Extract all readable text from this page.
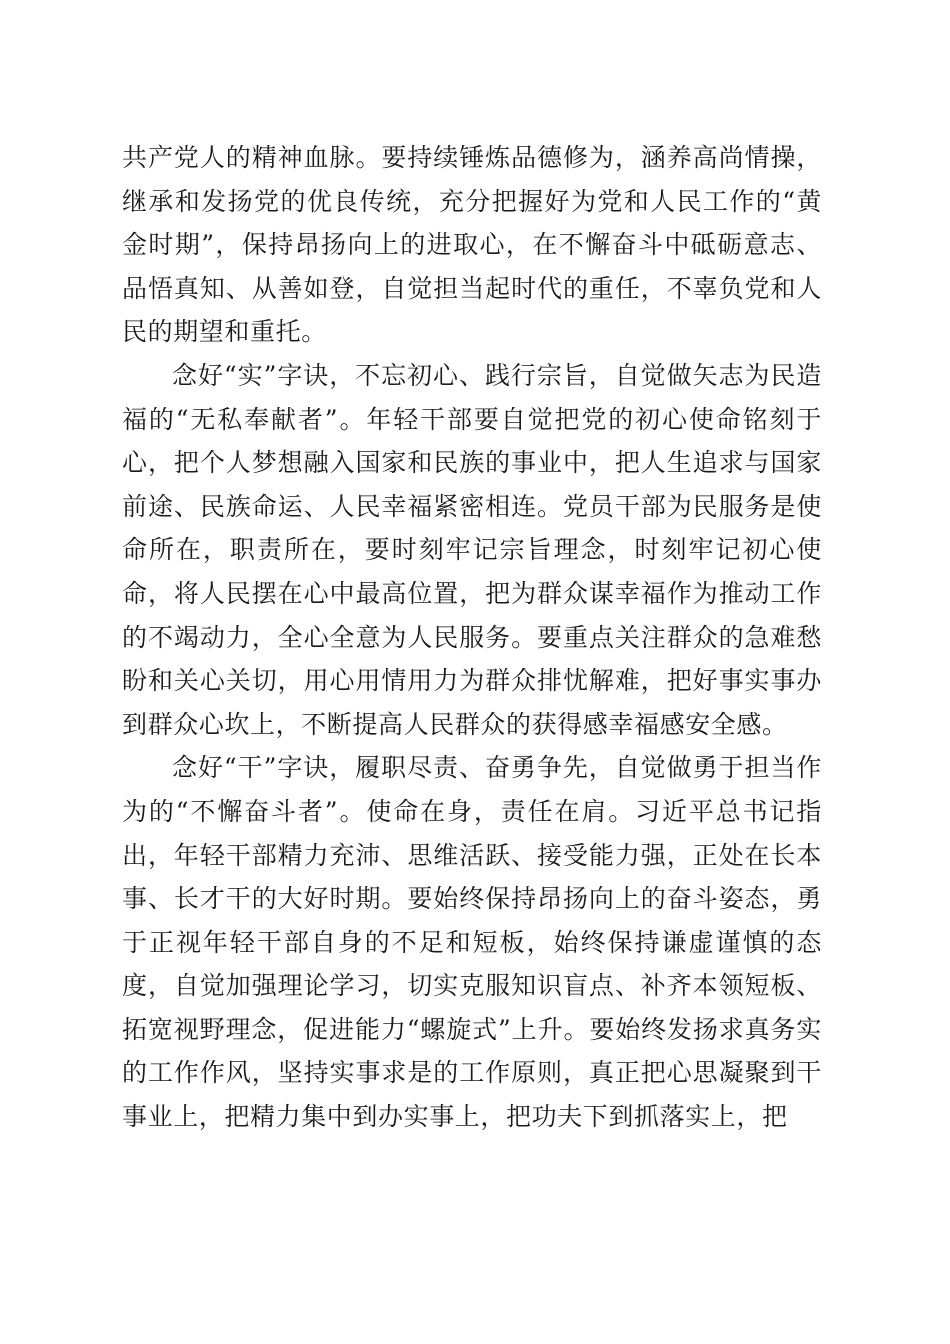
共产党人的精神血脉。要持续锤炼品德修为，涵养高尚情操，继承和发扬党的优良传统，充分把握好为党和人民工作的“黄金时期”，保持昂扬向上的进取心，在不懈奋斗中砥砺意志、品悟真知、从善如登，自觉担当起时代的重任，不辜负党和人民的期望和重托。

念好“实”字诀，不忘初心、践行宗旨，自觉做矢志为民造福的“无私奉献者”。年轻干部要自觉把党的初心使命铭刻于心，把个人梦想融入国家和民族的事业中，把人生追求与国家前途、民族命运、人民幸福紧密相连。党员干部为民服务是使命所在，职责所在，要时刻牢记宗旨理念，时刻牢记初心使命，将人民摆在心中最高位置，把为群众谋幸福作为推动工作的不竭动力，全心全意为人民服务。要重点关注群众的急难愁盼和关心关切，用心用情用力为群众排忧解难，把好事实事办到群众心坎上，不断提高人民群众的获得感幸福感安全感。

念好“干”字诀，履职尽责、奋勇争先，自觉做勇于担当作为的“不懈奋斗者”。使命在身，责任在肩。习近平总书记指出，年轻干部精力充沛、思维活跃、接受能力强，正处在长本事、长才干的大好时期。要始终保持昂扬向上的奋斗姿态，勇于正视年轻干部自身的不足和短板，始终保持谦虚谨慎的态度，自觉加强理论学习，切实克服知识盲点、补齐本领短板、拓宽视野理念，促进能力“螺旋式”上升。要始终发扬求真务实的工作作风，坚持实事求是的工作原则，真正把心思凝聚到干事业上，把精力集中到办实事上，把功夫下到抓落实上，把
